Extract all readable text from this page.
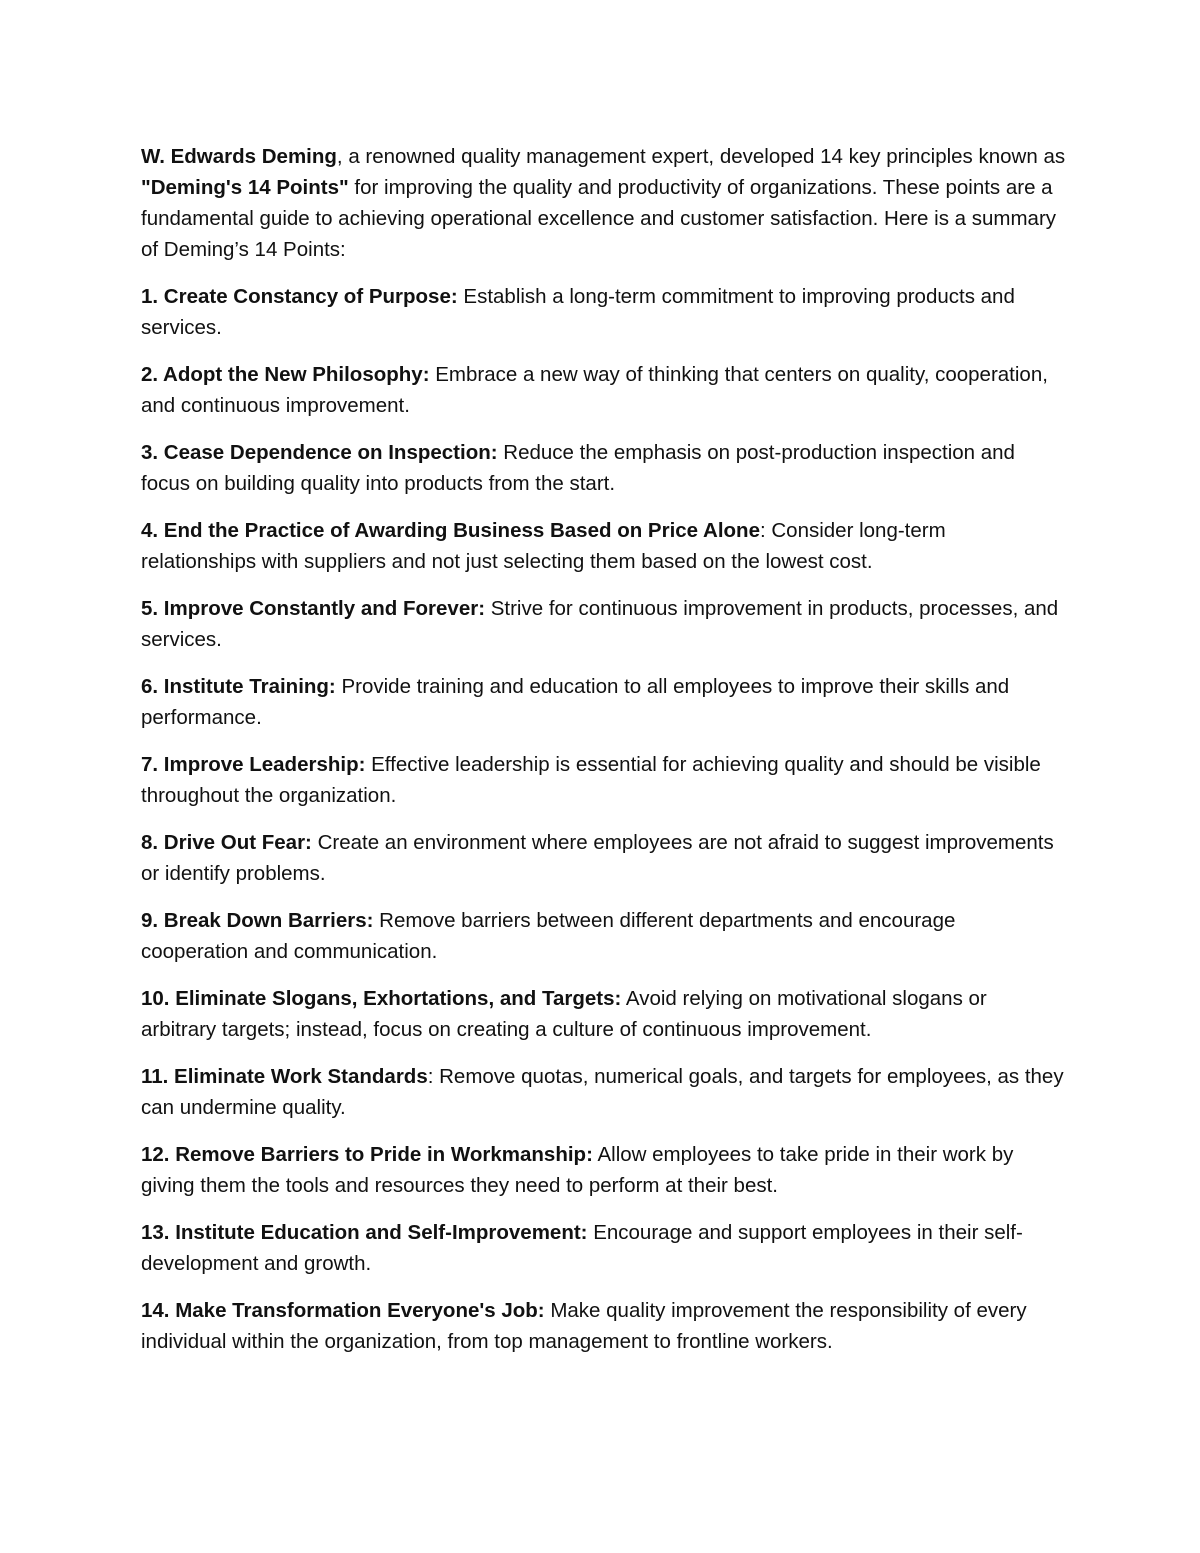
W. Edwards Deming, a renowned quality management expert, developed 14 key principles known as "Deming's 14 Points" for improving the quality and productivity of organizations. These points are a fundamental guide to achieving operational excellence and customer satisfaction. Here is a summary of Deming’s 14 Points:

1. Create Constancy of Purpose: Establish a long-term commitment to improving products and services.

2. Adopt the New Philosophy: Embrace a new way of thinking that centers on quality, cooperation, and continuous improvement.

3. Cease Dependence on Inspection: Reduce the emphasis on post-production inspection and focus on building quality into products from the start.

4. End the Practice of Awarding Business Based on Price Alone: Consider long-term relationships with suppliers and not just selecting them based on the lowest cost.

5. Improve Constantly and Forever: Strive for continuous improvement in products, processes, and services.

6. Institute Training: Provide training and education to all employees to improve their skills and performance.

7. Improve Leadership: Effective leadership is essential for achieving quality and should be visible throughout the organization.

8. Drive Out Fear: Create an environment where employees are not afraid to suggest improvements or identify problems.

9. Break Down Barriers: Remove barriers between different departments and encourage cooperation and communication.

10. Eliminate Slogans, Exhortations, and Targets: Avoid relying on motivational slogans or arbitrary targets; instead, focus on creating a culture of continuous improvement.

11. Eliminate Work Standards: Remove quotas, numerical goals, and targets for employees, as they can undermine quality.

12. Remove Barriers to Pride in Workmanship: Allow employees to take pride in their work by giving them the tools and resources they need to perform at their best.

13. Institute Education and Self-Improvement: Encourage and support employees in their self-development and growth.

14. Make Transformation Everyone's Job: Make quality improvement the responsibility of every individual within the organization, from top management to frontline workers.
